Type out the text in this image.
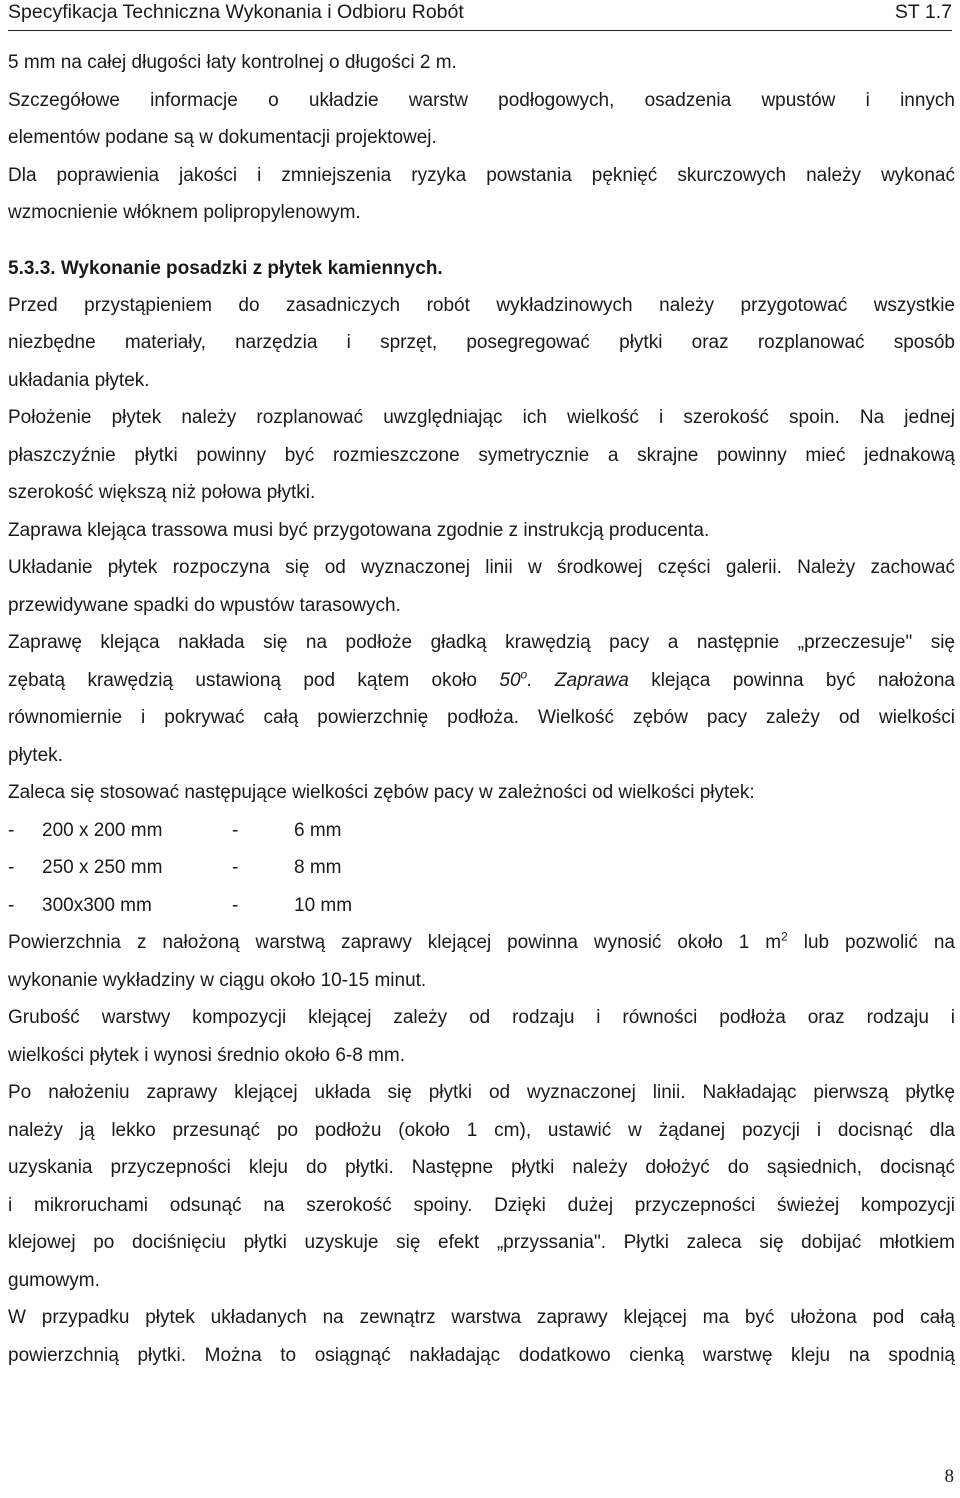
Specyfikacja Techniczna Wykonania i Odbioru Robót	ST 1.7

5 mm na całej długości łaty kontrolnej o długości 2 m.

Szczegółowe informacje o układzie warstw podłogowych, osadzenia wpustów i innych

elementów podane są w dokumentacji projektowej.

Dla poprawienia jakości i zmniejszenia ryzyka powstania pęknięć skurczowych należy wykonać

wzmocnienie włóknem polipropylenowym.

5.3.3. Wykonanie posadzki z płytek kamiennych.

Przed przystąpieniem do zasadniczych robót wykładzinowych należy przygotować wszystkie

niezbędne materiały, narzędzia i sprzęt, posegregować płytki oraz rozplanować sposób

układania płytek.

Położenie płytek należy rozplanować uwzględniając ich wielkość i szerokość spoin. Na jednej

płaszczyźnie płytki powinny być rozmieszczone symetrycznie a skrajne powinny mieć jednakową

szerokość większą niż połowa płytki.

Zaprawa klejąca trassowa musi być przygotowana zgodnie z instrukcją producenta.

Układanie płytek rozpoczyna się od wyznaczonej linii w środkowej części galerii. Należy zachować

przewidywane spadki do wpustów tarasowych.

Zaprawę klejąca nakłada się na podłoże gładką krawędzią pacy a następnie „przeczesuje" się

zębatą krawędzią ustawioną pod kątem około 50$^o$. Zaprawa klejąca powinna być nałożona

równomiernie i pokrywać całą powierzchnię podłoża. Wielkość zębów pacy zależy od wielkości

płytek.

Zaleca się stosować następujące wielkości zębów pacy w zależności od wielkości płytek:

-	200 x 200 mm	-	6 mm
-	250 x 250 mm	-	8 mm
-	300x300 mm	-	10 mm

Powierzchnia z nałożoną warstwą zaprawy klejącej powinna wynosić około 1 $m^2$ lub pozwolić na

wykonanie wykładziny w ciągu około 10-15 minut.

Grubość warstwy kompozycji klejącej zależy od rodzaju i równości podłoża oraz rodzaju i

wielkości płytek i wynosi średnio około 6-8 mm.

Po nałożeniu zaprawy klejącej układa się płytki od wyznaczonej linii. Nakładając pierwszą płytkę

należy ją lekko przesunąć po podłożu (około 1 cm), ustawić w żądanej pozycji i docisnąć dla

uzyskania przyczepności kleju do płytki. Następne płytki należy dołożyć do sąsiednich, docisnąć

i mikroruchami odsunąć na szerokość spoiny. Dzięki dużej przyczepności świeżej kompozycji

klejowej po dociśnięciu płytki uzyskuje się efekt „przyssania". Płytki zaleca się dobijać młotkiem

gumowym.

W przypadku płytek układanych na zewnątrz warstwa zaprawy klejącej ma być ułożona pod całą

powierzchnią płytki. Można to osiągnąć nakładając dodatkowo cienką warstwę kleju na spodnią

8
